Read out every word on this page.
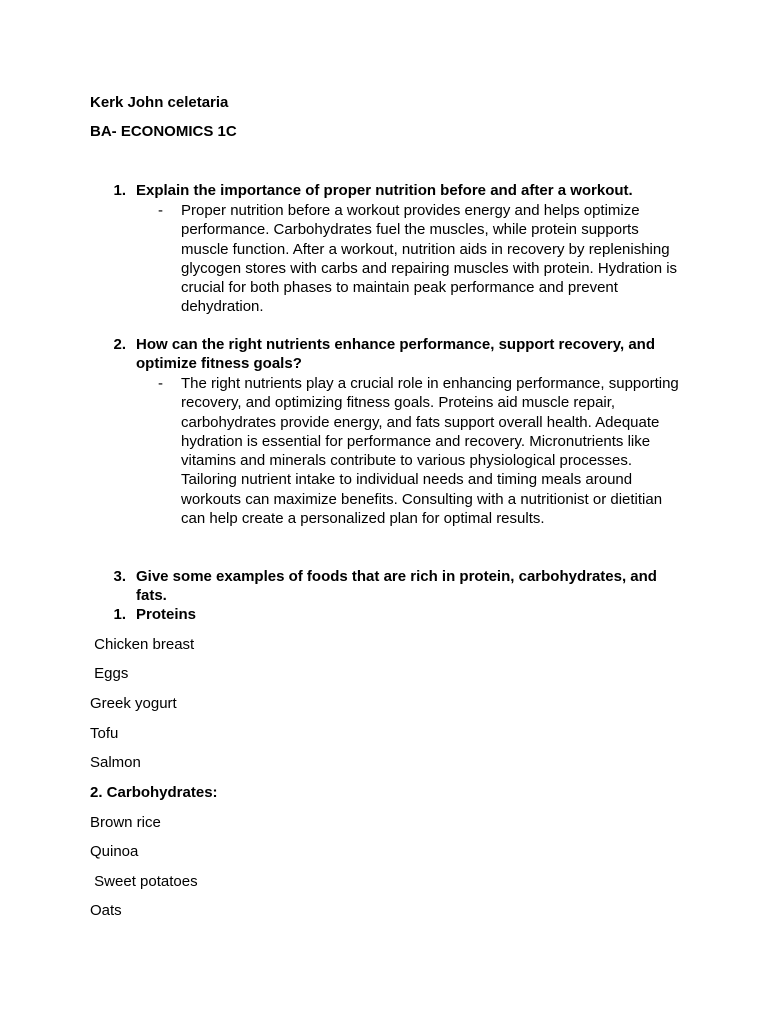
Kerk John celetaria
BA- ECONOMICS 1C
1. Explain the importance of proper nutrition before and after a workout.
- Proper nutrition before a workout provides energy and helps optimize performance. Carbohydrates fuel the muscles, while protein supports muscle function. After a workout, nutrition aids in recovery by replenishing glycogen stores with carbs and repairing muscles with protein. Hydration is crucial for both phases to maintain peak performance and prevent dehydration.
2. How can the right nutrients enhance performance, support recovery, and optimize fitness goals?
- The right nutrients play a crucial role in enhancing performance, supporting recovery, and optimizing fitness goals. Proteins aid muscle repair, carbohydrates provide energy, and fats support overall health. Adequate hydration is essential for performance and recovery. Micronutrients like vitamins and minerals contribute to various physiological processes. Tailoring nutrient intake to individual needs and timing meals around workouts can maximize benefits. Consulting with a nutritionist or dietitian can help create a personalized plan for optimal results.
3. Give some examples of foods that are rich in protein, carbohydrates, and fats.
1. Proteins
Chicken breast
Eggs
Greek yogurt
Tofu
Salmon
2. Carbohydrates:
Brown rice
Quinoa
Sweet potatoes
Oats
